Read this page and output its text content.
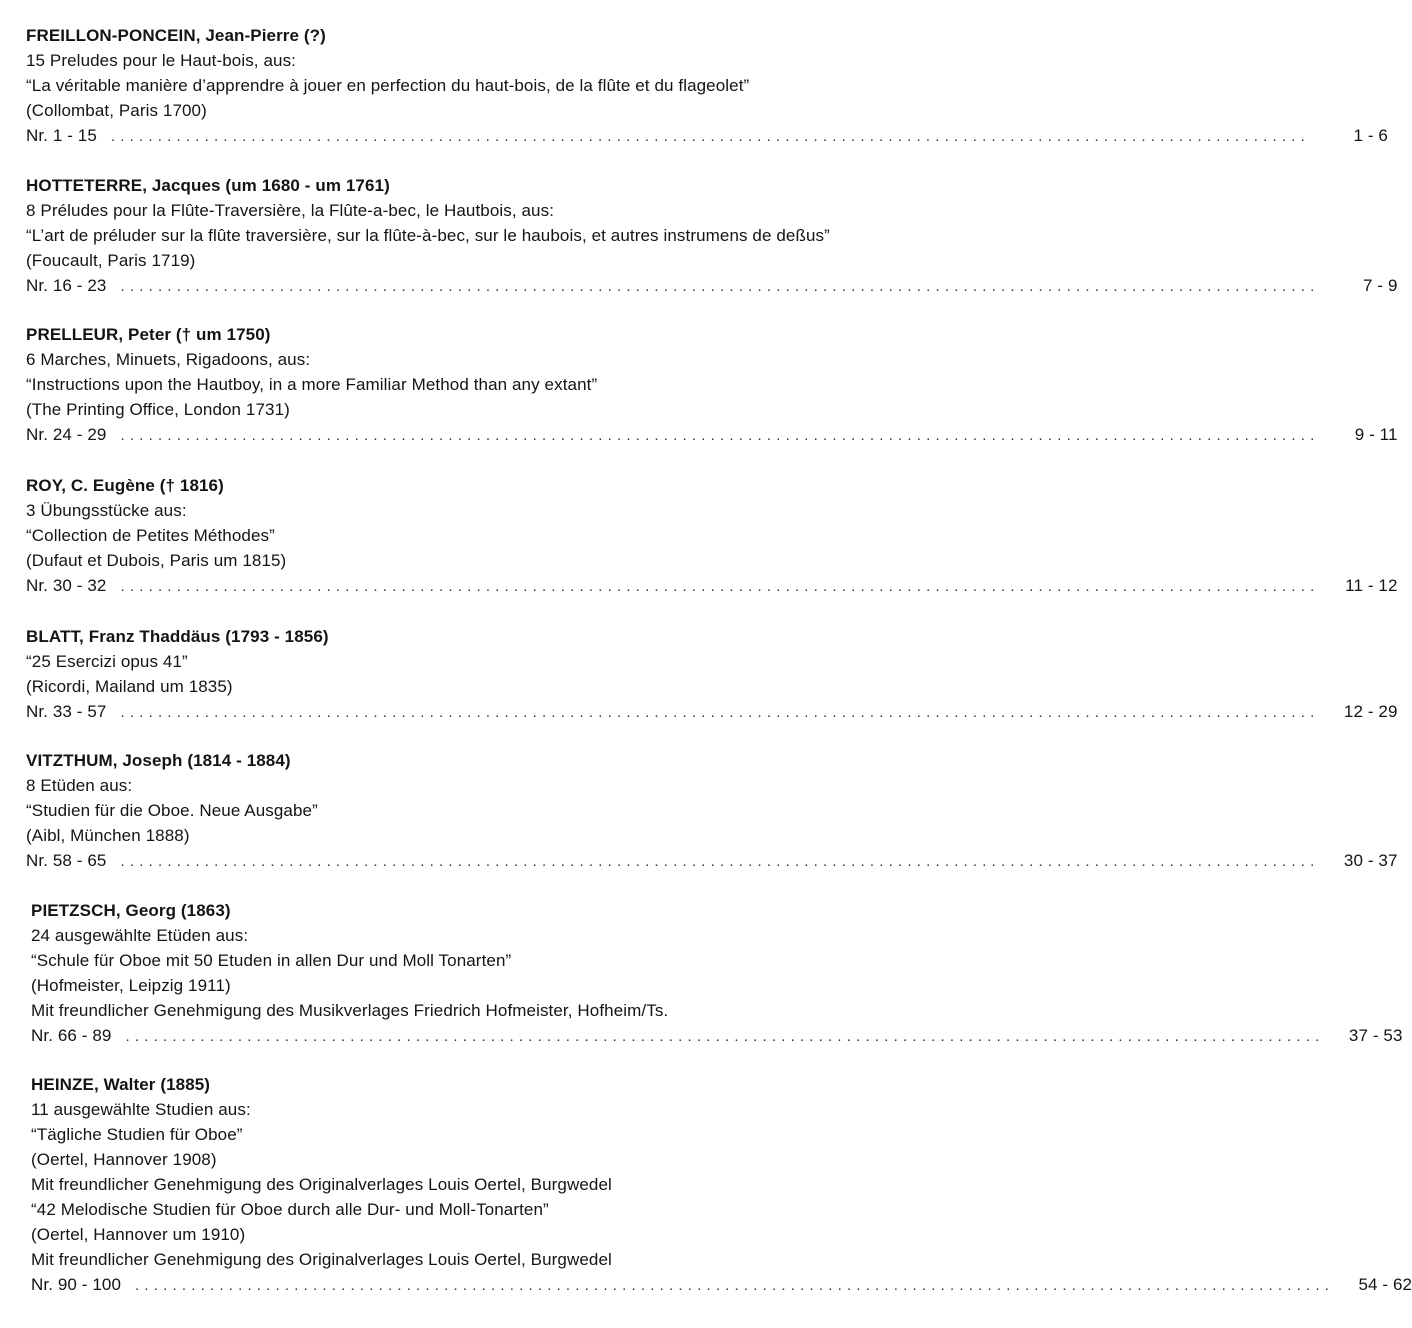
FREILLON-PONCEIN, Jean-Pierre (?)
15 Preludes pour le Haut-bois, aus:
“La véritable manière d’apprendre à jouer en perfection du haut-bois, de la flûte et du flageolet”
(Collombat, Paris 1700)
Nr. 1 - 15 ................................................................................................................................	1 - 6
HOTTETERRE, Jacques (um 1680 - um 1761)
8 Préludes pour la Flûte-Traversière, la Flûte-a-bec, le Hautbois, aus:
“L’art de préluder sur la flûte traversière, sur la flûte-à-bec, sur le haubois, et autres instrumens de deßus”
(Foucault, Paris 1719)
Nr. 16 - 23 ................................................................................................................................	7 - 9
PRELLEUR, Peter († um 1750)
6 Marches, Minuets, Rigadoons, aus:
“Instructions upon the Hautboy, in a more Familiar Method than any extant”
(The Printing Office, London 1731)
Nr. 24 - 29 ................................................................................................................................	9 - 11
ROY, C. Eugène († 1816)
3 Übungsstücke aus:
“Collection de Petites Méthodes”
(Dufaut et Dubois, Paris um 1815)
Nr. 30 - 32 ................................................................................................................................	11 - 12
BLATT, Franz Thaddäus (1793 - 1856)
“25 Esercizi opus 41”
(Ricordi, Mailand um 1835)
Nr. 33 - 57 ................................................................................................................................	12 - 29
VITZTHUM, Joseph (1814 - 1884)
8 Etüden aus:
“Studien für die Oboe. Neue Ausgabe”
(Aibl, München 1888)
Nr. 58 - 65 ................................................................................................................................	30 - 37
PIETZSCH, Georg (1863)
24 ausgewählte Etüden aus:
“Schule für Oboe mit 50 Etuden in allen Dur und Moll Tonarten”
(Hofmeister, Leipzig 1911)
Mit freundlicher Genehmigung des Musikverlages Friedrich Hofmeister, Hofheim/Ts.
Nr. 66 - 89 ................................................................................................................................	37 - 53
HEINZE, Walter (1885)
11 ausgewählte Studien aus:
“Tägliche Studien für Oboe”
(Oertel, Hannover 1908)
Mit freundlicher Genehmigung des Originalverlages Louis Oertel, Burgwedel
“42 Melodische Studien für Oboe durch alle Dur- und Moll-Tonarten”
(Oertel, Hannover um 1910)
Mit freundlicher Genehmigung des Originalverlages Louis Oertel, Burgwedel
Nr. 90 - 100 ................................................................................................................................	54 - 62
